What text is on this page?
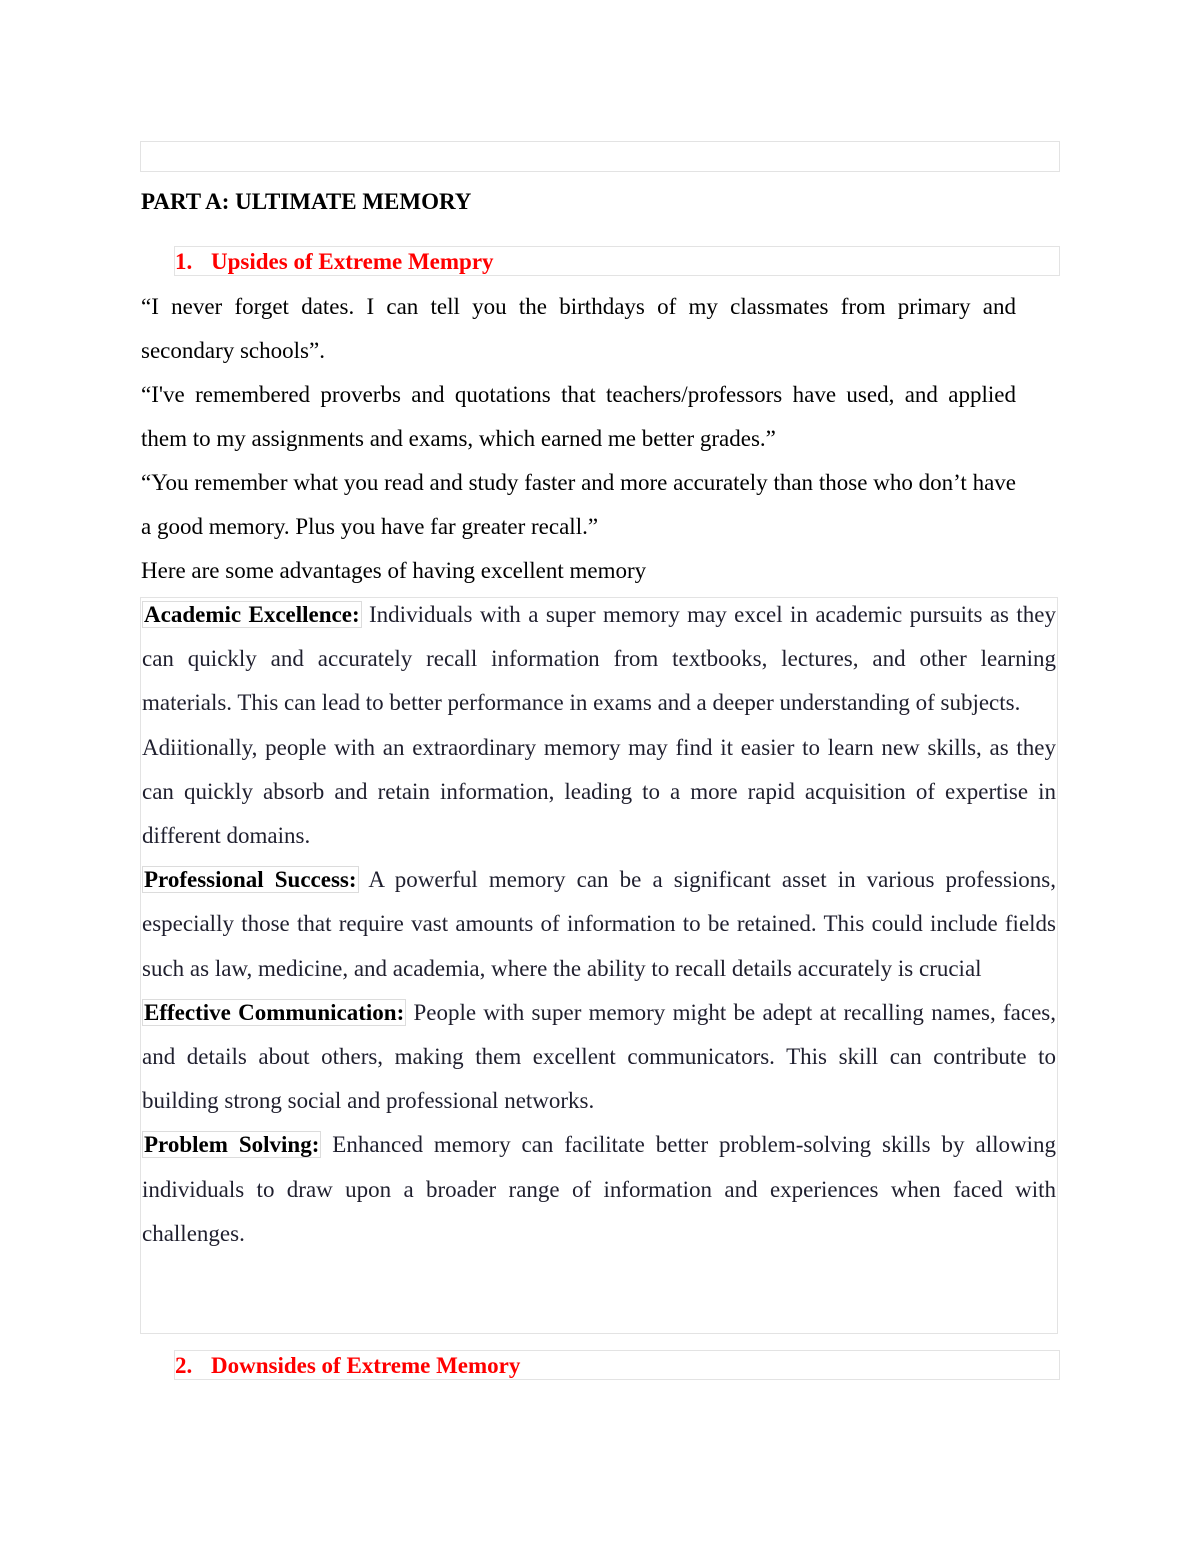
PART A: ULTIMATE MEMORY
1. Upsides of Extreme Mempry

“I never forget dates. I can tell you the birthdays of my classmates from primary and secondary schools”.

“I've remembered proverbs and quotations that teachers/professors have used, and applied them to my assignments and exams, which earned me better grades.”

“You remember what you read and study faster and more accurately than those who don’t have a good memory. Plus you have far greater recall.”

Here are some advantages of having excellent memory

Academic Excellence: Individuals with a super memory may excel in academic pursuits as they can quickly and accurately recall information from textbooks, lectures, and other learning materials. This can lead to better performance in exams and a deeper understanding of subjects.

Adiitionally, people with an extraordinary memory may find it easier to learn new skills, as they can quickly absorb and retain information, leading to a more rapid acquisition of expertise in different domains.

Professional Success: A powerful memory can be a significant asset in various professions, especially those that require vast amounts of information to be retained. This could include fields such as law, medicine, and academia, where the ability to recall details accurately is crucial

Effective Communication: People with super memory might be adept at recalling names, faces, and details about others, making them excellent communicators. This skill can contribute to building strong social and professional networks.

Problem Solving: Enhanced memory can facilitate better problem-solving skills by allowing individuals to draw upon a broader range of information and experiences when faced with challenges.

2. Downsides of Extreme Memory
